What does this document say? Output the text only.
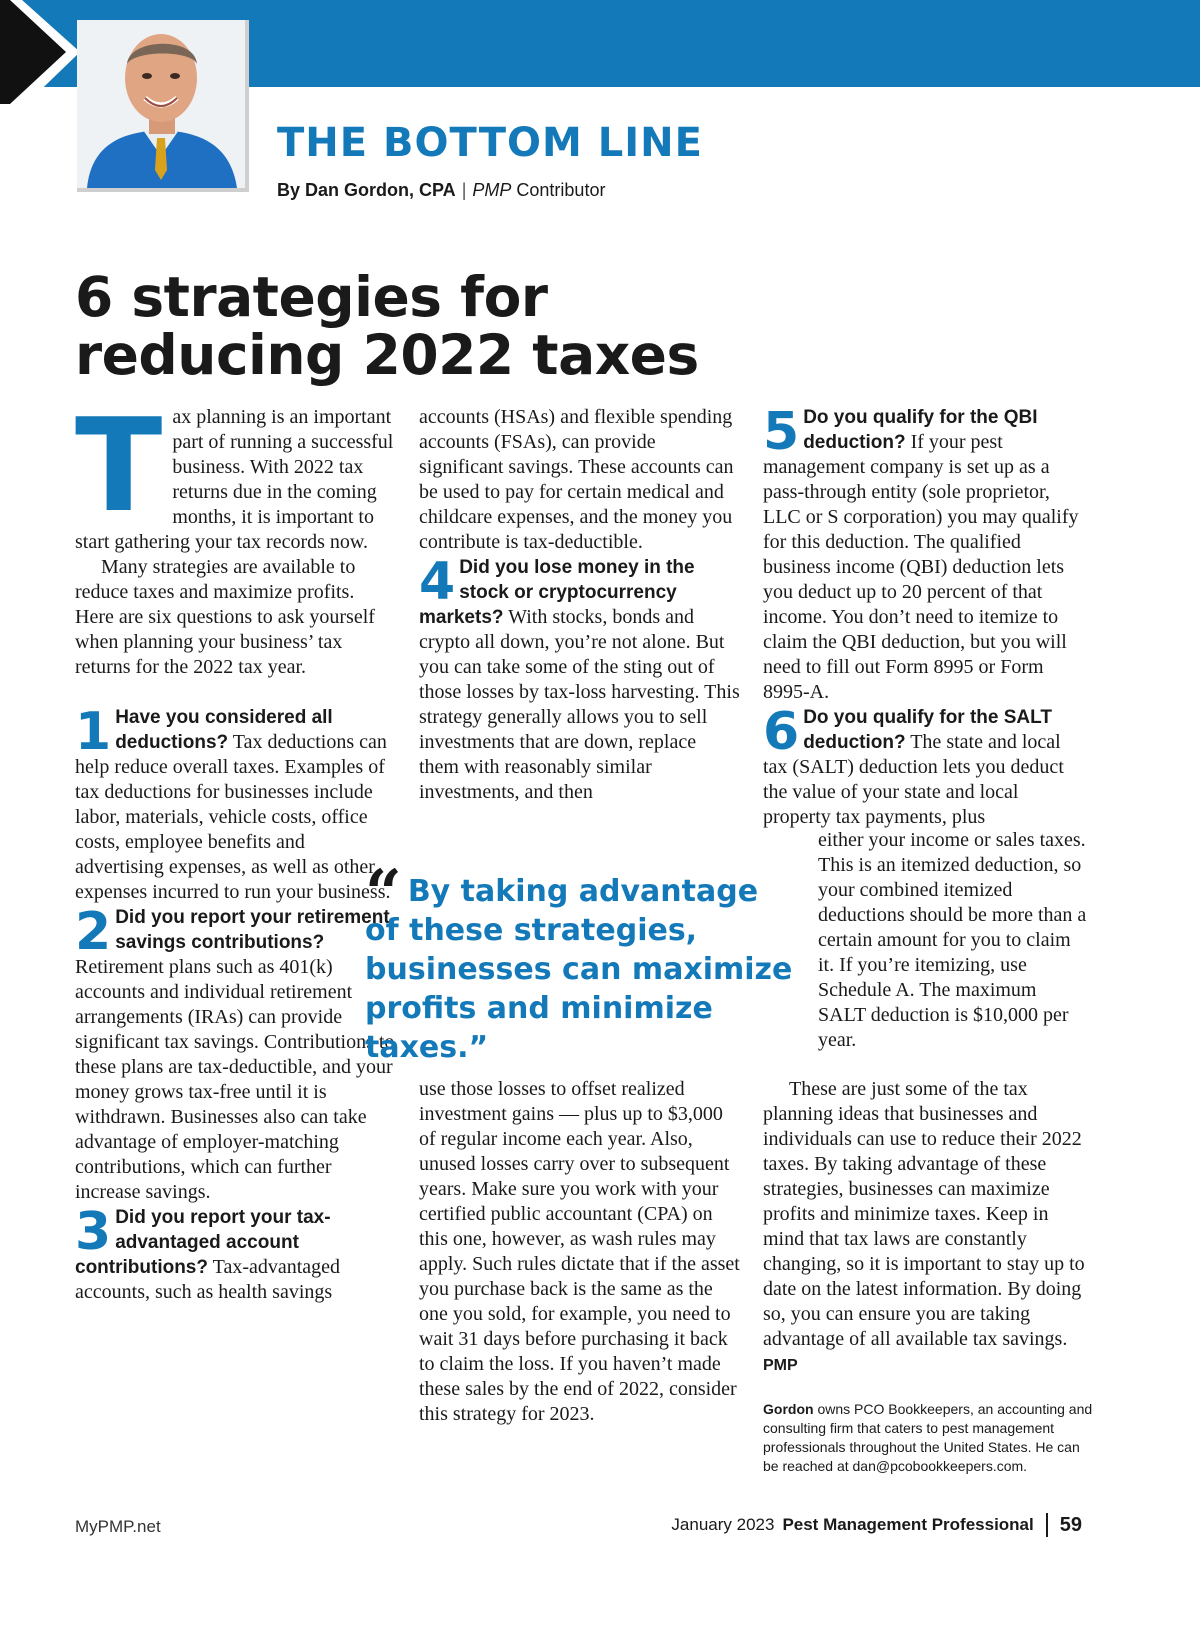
THE BOTTOM LINE
By Dan Gordon, CPA | PMP Contributor
6 strategies for
reducing 2022 taxes

Tax planning is an important part of running a successful business. With 2022 tax returns due in the coming months, it is important to start gathering your tax records now.

Many strategies are available to reduce taxes and maximize profits. Here are six questions to ask yourself when planning your business’ tax returns for the 2022 tax year.

1 Have you considered all deductions? Tax deductions can help reduce overall taxes. Examples of tax deductions for businesses include labor, materials, vehicle costs, office costs, employee benefits and advertising expenses, as well as other expenses incurred to run your business.

2 Did you report your retirement savings contributions? Retirement plans such as 401(k) accounts and individual retirement arrangements (IRAs) can provide significant tax savings. Contributions to these plans are tax-deductible, and your money grows tax-free until it is withdrawn. Businesses also can take advantage of employer-matching contributions, which can further increase savings.

3 Did you report your tax-advantaged account contributions? Tax-advantaged accounts, such as health savings

accounts (HSAs) and flexible spending accounts (FSAs), can provide significant savings. These accounts can be used to pay for certain medical and childcare expenses, and the money you contribute is tax-deductible.

4 Did you lose money in the stock or cryptocurrency markets? With stocks, bonds and crypto all down, you’re not alone. But you can take some of the sting out of those losses by tax-loss harvesting. This strategy generally allows you to sell investments that are down, replace them with reasonably similar investments, and then

“ By taking advantage of these strategies, businesses can maximize profits and minimize taxes.”

use those losses to offset realized investment gains — plus up to $3,000 of regular income each year. Also, unused losses carry over to subsequent years. Make sure you work with your certified public accountant (CPA) on this one, however, as wash rules may apply. Such rules dictate that if the asset you purchase back is the same as the one you sold, for example, you need to wait 31 days before purchasing it back to claim the loss. If you haven’t made these sales by the end of 2022, consider this strategy for 2023.

5 Do you qualify for the QBI deduction? If your pest management company is set up as a pass-through entity (sole proprietor, LLC or S corporation) you may qualify for this deduction. The qualified business income (QBI) deduction lets you deduct up to 20 percent of that income. You don’t need to itemize to claim the QBI deduction, but you will need to fill out Form 8995 or Form 8995-A.

6 Do you qualify for the SALT deduction? The state and local tax (SALT) deduction lets you deduct the value of your state and local property tax payments, plus

either your income or sales taxes. This is an itemized deduction, so your combined itemized deductions should be more than a certain amount for you to claim it. If you’re itemizing, use Schedule A. The maximum SALT deduction is $10,000 per year.

These are just some of the tax planning ideas that businesses and individuals can use to reduce their 2022 taxes. By taking advantage of these strategies, businesses can maximize profits and minimize taxes. Keep in mind that tax laws are constantly changing, so it is important to stay up to date on the latest information. By doing so, you can ensure you are taking advantage of all available tax savings. PMP

Gordon owns PCO Bookkeepers, an accounting and consulting firm that caters to pest management professionals throughout the United States. He can be reached at dan@pcobookkeepers.com.

MyPMP.net	January 2023 Pest Management Professional 59
